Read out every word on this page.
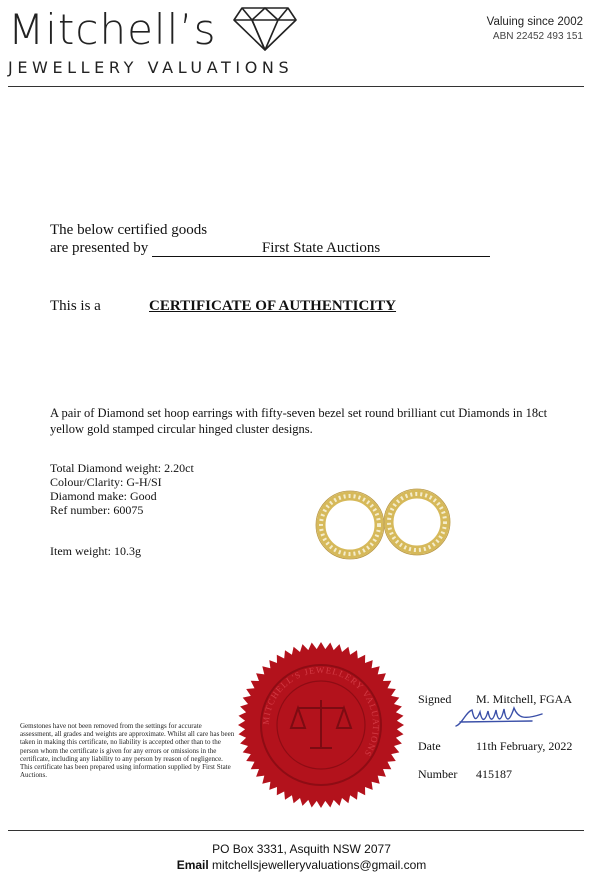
Mitchell’s
JEWELLERY VALUATIONS
Valuing since 2002
ABN 22452 493 151
The below certified goods
are presented by	First State Auctions
This is a	CERTIFICATE OF AUTHENTICITY
A pair of Diamond set hoop earrings with fifty-seven bezel set round brilliant cut Diamonds in 18ct yellow gold stamped circular hinged cluster designs.
Total Diamond weight: 2.20ct
Colour/Clarity: G-H/SI
Diamond make: Good
Ref number: 60075
Item weight: 10.3g
Gemstones have not been removed from the settings for accurate assessment, all grades and weights are approximate. Whilst all care has been taken in making this certificate, no liability is accepted other than to the person whom the certificate is given for any errors or omissions in the certificate, including any liability to any person by reason of negligence. This certificate has been prepared using information supplied by First State Auctions.
MITCHELL'S JEWELLERY VALUATIONS
Signed M. Mitchell, FGAA
Date	11th February, 2022
Number 415187
PO Box 3331, Asquith NSW 2077
Email mitchellsjewelleryvaluations@gmail.com
